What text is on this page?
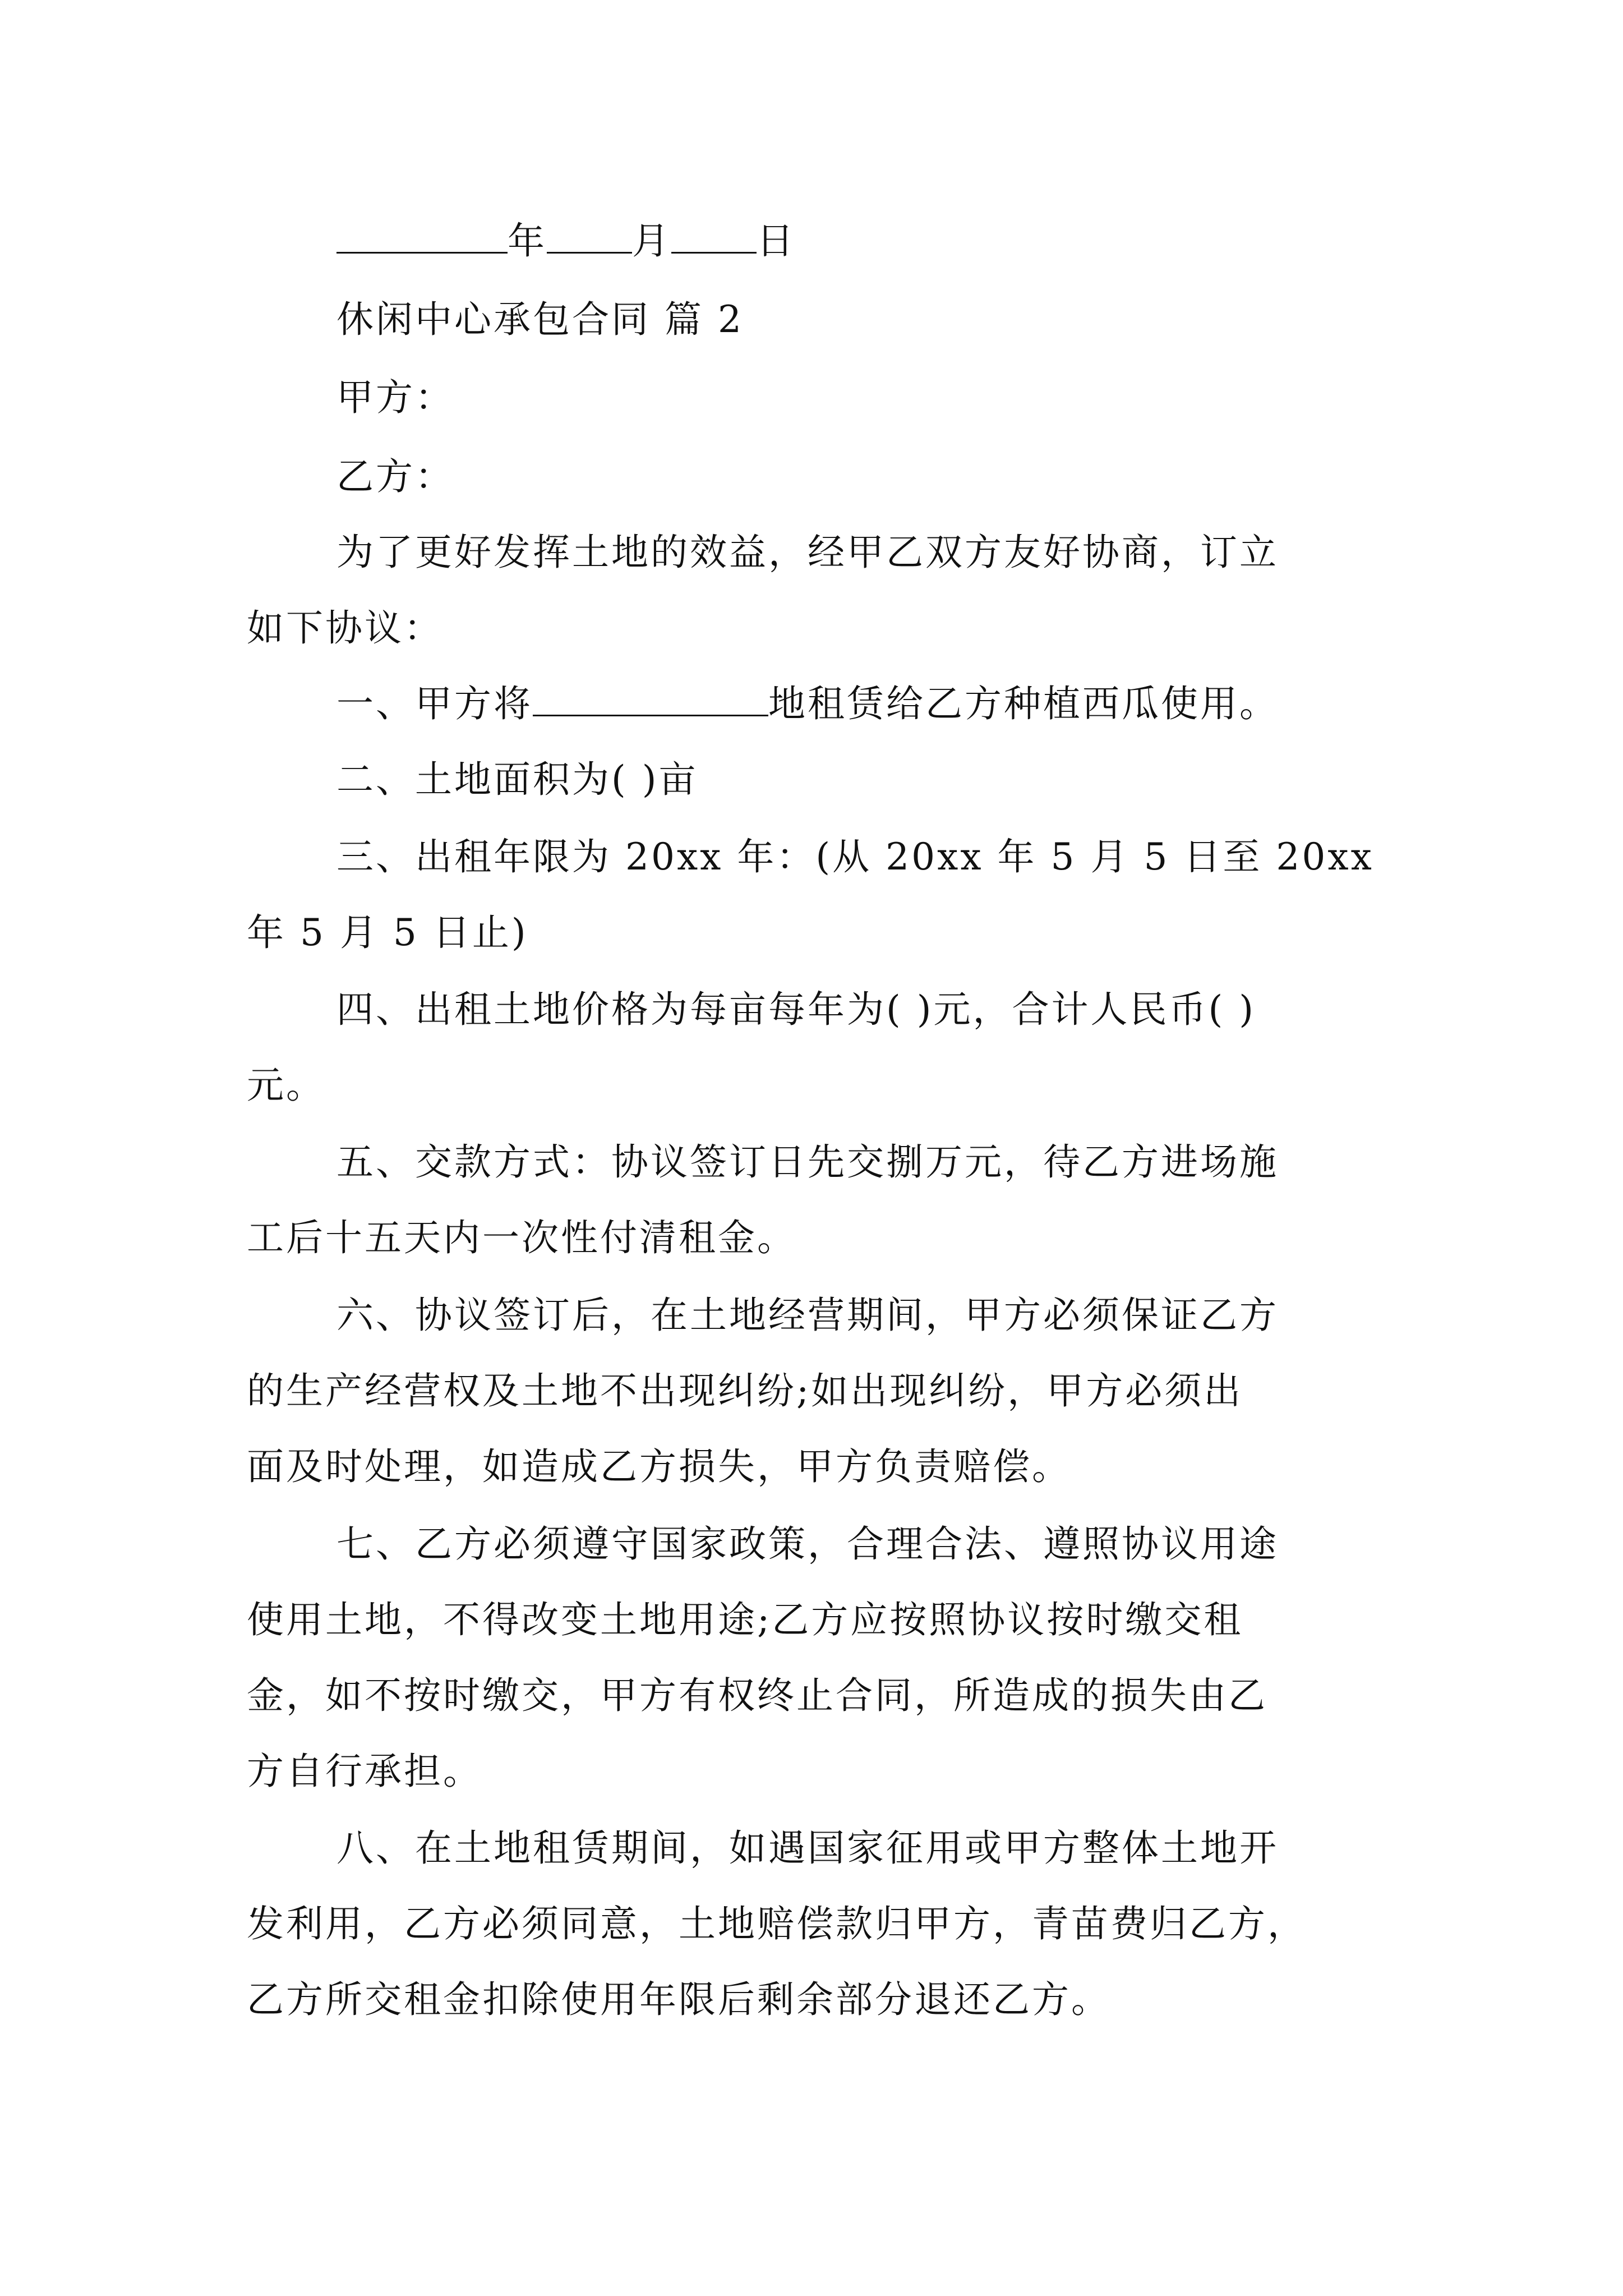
年 月 日

休闲中心承包合同 篇 2

甲方：

乙方：

为了更好发挥土地的效益，经甲乙双方友好协商，订立

如下协议：

一、甲方将	地租赁给乙方种植西瓜使用。

二、土地面积为( )亩

三、出租年限为 20xx 年：(从 20xx 年 5 月 5 日至 20xx

年 5 月 5 日止)

四、出租土地价格为每亩每年为( )元，合计人民币( )

元。

五、交款方式：协议签订日先交捌万元，待乙方进场施

工后十五天内一次性付清租金。

六、协议签订后，在土地经营期间，甲方必须保证乙方

的生产经营权及土地不出现纠纷;如出现纠纷，甲方必须出

面及时处理，如造成乙方损失，甲方负责赔偿。

七、乙方必须遵守国家政策，合理合法、遵照协议用途

使用土地，不得改变土地用途;乙方应按照协议按时缴交租

金，如不按时缴交，甲方有权终止合同，所造成的损失由乙

方自行承担。

八、在土地租赁期间，如遇国家征用或甲方整体土地开

发利用，乙方必须同意，土地赔偿款归甲方，青苗费归乙方，

乙方所交租金扣除使用年限后剩余部分退还乙方。
